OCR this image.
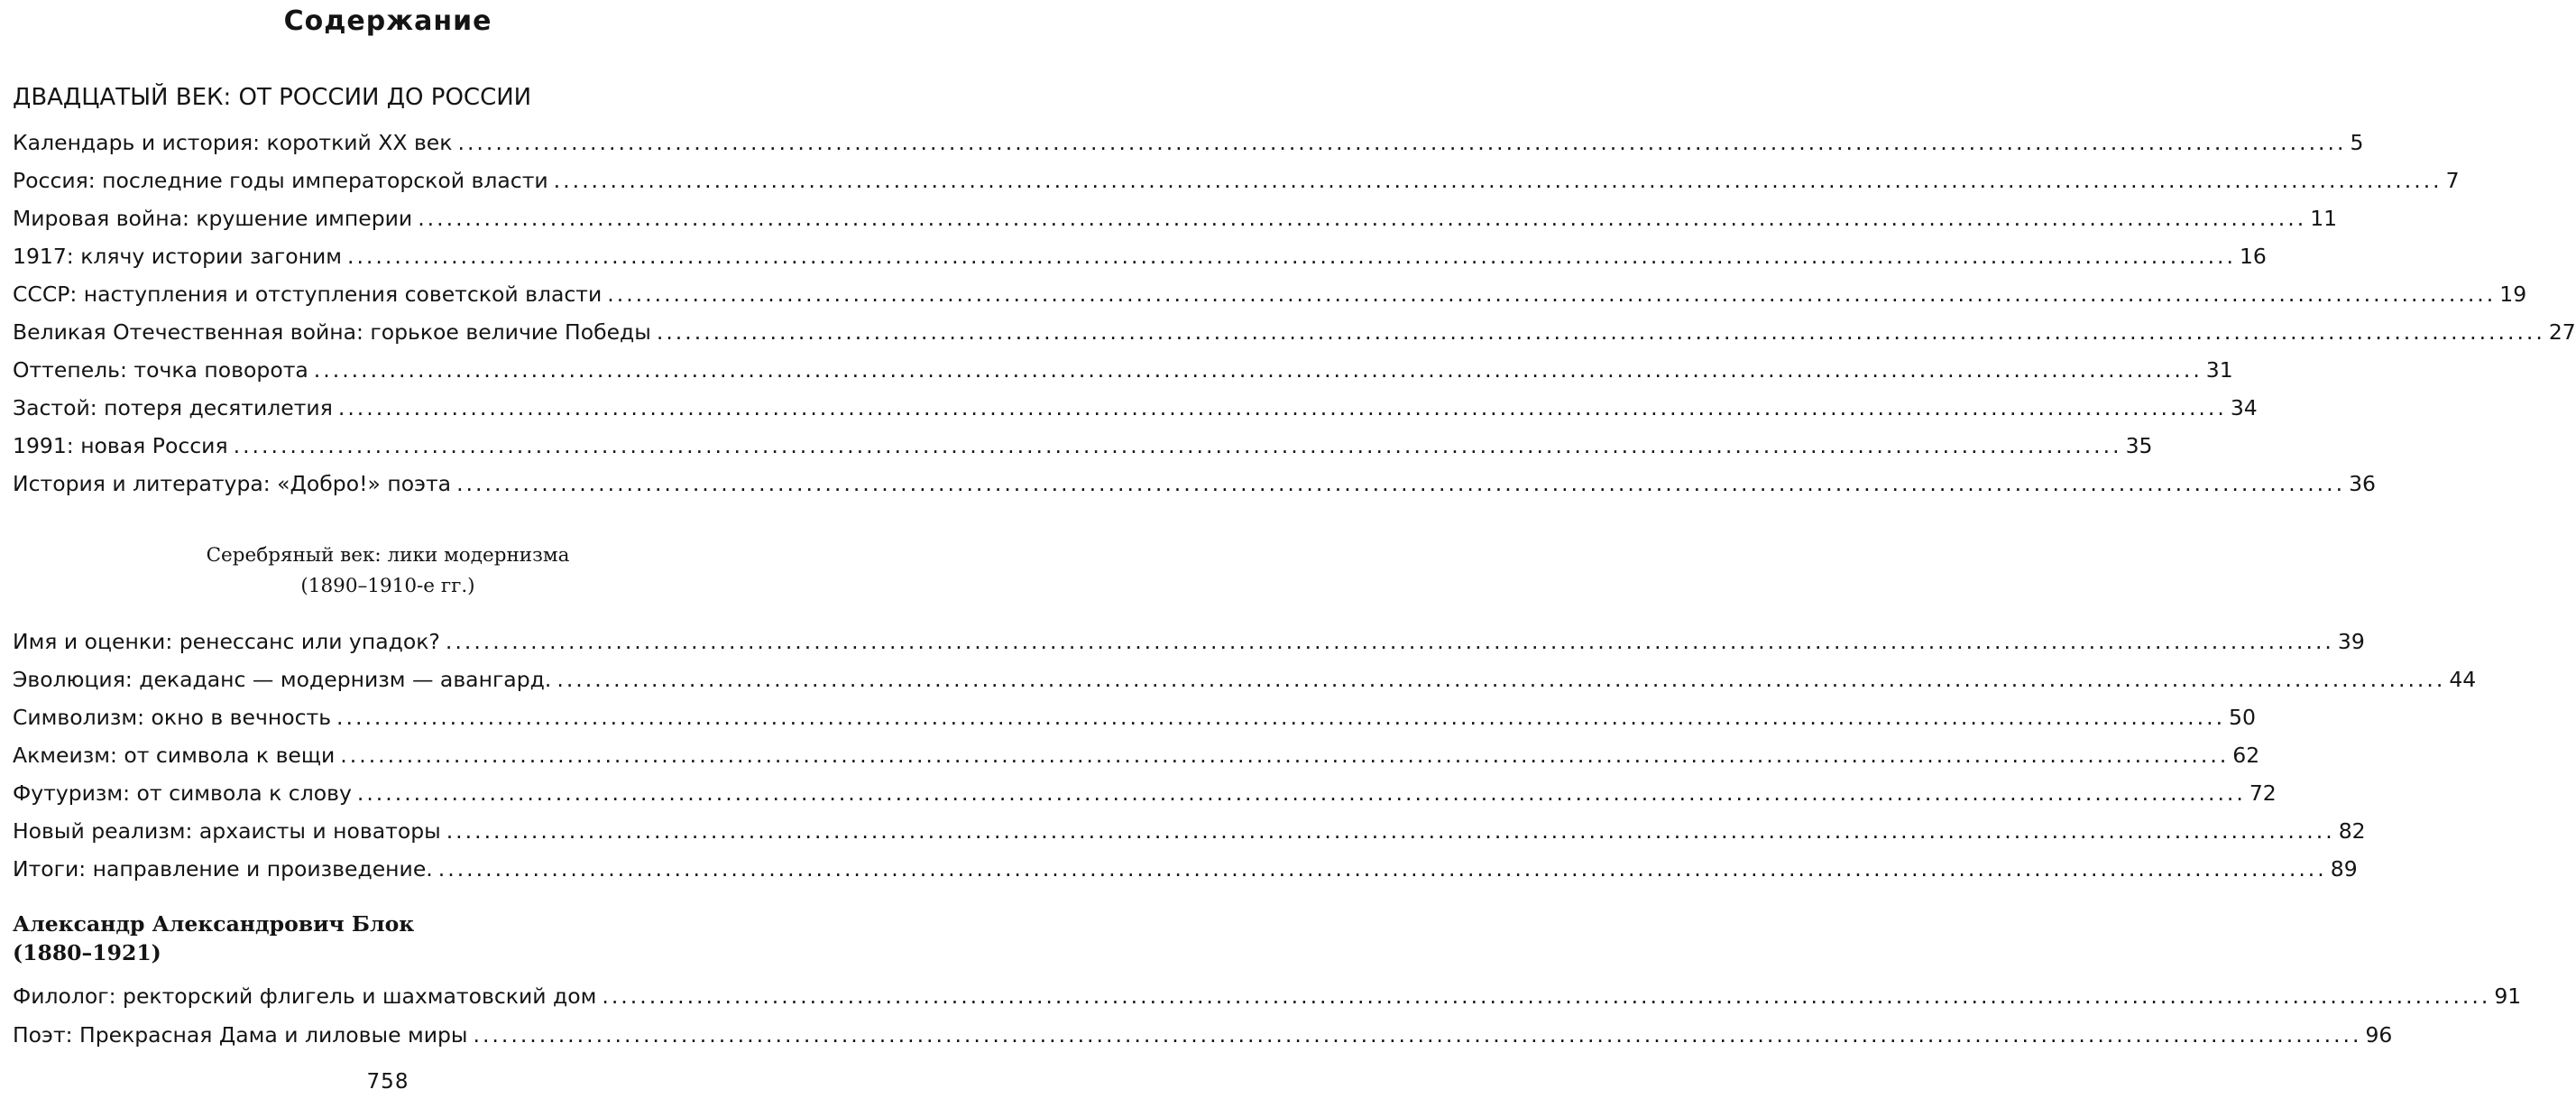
Содержание
ДВАДЦАТЫЙ ВЕК: ОТ РОССИИ ДО РОССИИ
Календарь и история: короткий XX век ........................................................................................................................................................................................................ 5
Россия: последние годы императорской власти ........................................................................................................................................................................................................ 7
Мировая война: крушение империи ........................................................................................................................................................................................................ 11
1917: клячу истории загоним ........................................................................................................................................................................................................ 16
СССР: наступления и отступления советской власти ........................................................................................................................................................................................................ 19
Великая Отечественная война: горькое величие Победы ........................................................................................................................................................................................................ 27
Оттепель: точка поворота ........................................................................................................................................................................................................ 31
Застой: потеря десятилетия ........................................................................................................................................................................................................ 34
1991: новая Россия ........................................................................................................................................................................................................ 35
История и литература: «Добро!» поэта ........................................................................................................................................................................................................ 36
Серебряный век: лики модернизма
(1890–1910-е гг.)
Имя и оценки: ренессанс или упадок? ........................................................................................................................................................................................................ 39
Эволюция: декаданс — модернизм — авангард. ........................................................................................................................................................................................................ 44
Символизм: окно в вечность ........................................................................................................................................................................................................ 50
Акмеизм: от символа к вещи ........................................................................................................................................................................................................ 62
Футуризм: от символа к слову ........................................................................................................................................................................................................ 72
Новый реализм: архаисты и новаторы ........................................................................................................................................................................................................ 82
Итоги: направление и произведение. ........................................................................................................................................................................................................ 89
Александр Александрович Блок
(1880–1921)
Филолог: ректорский флигель и шахматовский дом ........................................................................................................................................................................................................ 91
Поэт: Прекрасная Дама и лиловые миры ........................................................................................................................................................................................................ 96
758
